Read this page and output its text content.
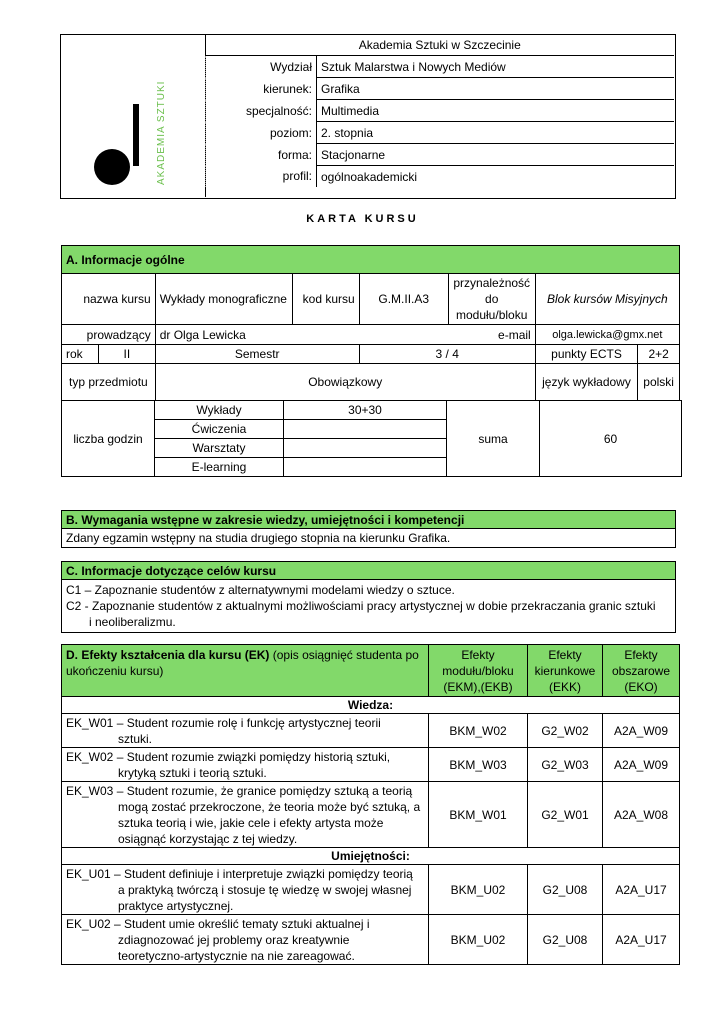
AKADEMIA SZTUKI
Akademia Sztuki w Szczecinie	
Wydział	Sztuk Malarstwa i Nowych Mediów
kierunek:	Grafika
specjalność:	Multimedia
poziom:	2. stopnia
forma:	Stacjonarne
profil:	ogólnoakademicki
KARTA KURSU
A. Informacje ogólne							
nazwa kursu		Wykłady monograficzne	kod kursu	G.M.II.A3	przynależność do modułu/bloku	Blok kursów Misyjnych	
prowadzący		dr Olga Lewicka			e-mail	olga.lewicka@gmx.net	
rok	II	Semestr		3 / 4		punkty ECTS	2+2
typ przedmiotu		Obowiązkowy				język wykładowy	polski
liczba godzin	Wykłady	30+30	suma	60
	Ćwiczenia			
	Warsztaty			
	E-learning			
B. Wymagania wstępne w zakresie wiedzy, umiejętności i kompetencji
Zdany egzamin wstępny na studia drugiego stopnia na kierunku Grafika.
C. Informacje dotyczące celów kursu

C1 – Zapoznanie studentów z alternatywnymi modelami wiedzy o sztuce.
C2 - Zapoznanie studentów z aktualnymi możliwościami pracy artystycznej w dobie przekraczania granic sztuki
i neoliberalizmu.
D. Efekty kształcenia dla kursu (EK) (opis osiągnięć studenta po ukończeniu kursu)	Efekty modułu/bloku (EKM),(EKB)	Efekty kierunkowe (EKK)	Efekty obszarowe (EKO)
Wiedza:			

EK_W01 – Student rozumie rolę i funkcję artystycznej teorii
sztuki.	BKM_W02	G2_W02	A2A_W09

EK_W02 – Student rozumie związki pomiędzy historią sztuki,
krytyką sztuki i teorią sztuki.	BKM_W03	G2_W03	A2A_W09

EK_W03 – Student rozumie, że granice pomiędzy sztuką a teorią
mogą zostać przekroczone, że teoria może być sztuką, a
sztuka teorią i wie, jakie cele i efekty artysta może
osiągnąć korzystając z tej wiedzy.	BKM_W01	G2_W01	A2A_W08
Umiejętności:			

EK_U01 – Student definiuje i interpretuje związki pomiędzy teorią
a praktyką twórczą i stosuje tę wiedzę w swojej własnej
praktyce artystycznej.	BKM_U02	G2_U08	A2A_U17

EK_U02 – Student umie określić tematy sztuki aktualnej i
zdiagnozować jej problemy oraz kreatywnie
teoretyczno-artystycznie na nie zareagować.	BKM_U02	G2_U08	A2A_U17
